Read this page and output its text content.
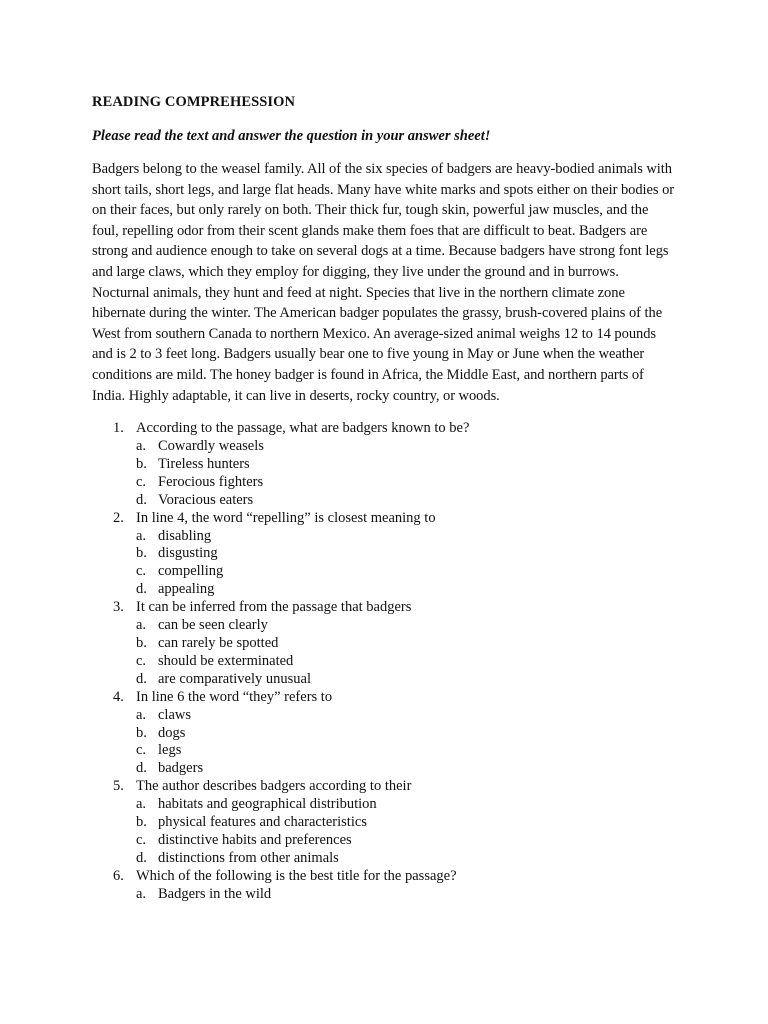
READING COMPREHESSION

Please read the text and answer the question in your answer sheet!

Badgers belong to the weasel family. All of the six species of badgers are heavy-bodied animals with short tails, short legs, and large flat heads. Many have white marks and spots either on their bodies or on their faces, but only rarely on both. Their thick fur, tough skin, powerful jaw muscles, and the foul, repelling odor from their scent glands make them foes that are difficult to beat. Badgers are strong and audience enough to take on several dogs at a time. Because badgers have strong font legs and large claws, which they employ for digging, they live under the ground and in burrows. Nocturnal animals, they hunt and feed at night. Species that live in the northern climate zone hibernate during the winter. The American badger populates the grassy, brush-covered plains of the West from southern Canada to northern Mexico. An average-sized animal weighs 12 to 14 pounds and is 2 to 3 feet long. Badgers usually bear one to five young in May or June when the weather conditions are mild. The honey badger is found in Africa, the Middle East, and northern parts of India. Highly adaptable, it can live in deserts, rocky country, or woods.

1. According to the passage, what are badgers known to be?
a. Cowardly weasels
b. Tireless hunters
c. Ferocious fighters
d. Voracious eaters
2. In line 4, the word “repelling” is closest meaning to
a. disabling
b. disgusting
c. compelling
d. appealing
3. It can be inferred from the passage that badgers
a. can be seen clearly
b. can rarely be spotted
c. should be exterminated
d. are comparatively unusual
4. In line 6 the word “they” refers to
a. claws
b. dogs
c. legs
d. badgers
5. The author describes badgers according to their
a. habitats and geographical distribution
b. physical features and characteristics
c. distinctive habits and preferences
d. distinctions from other animals
6. Which of the following is the best title for the passage?
a. Badgers in the wild
